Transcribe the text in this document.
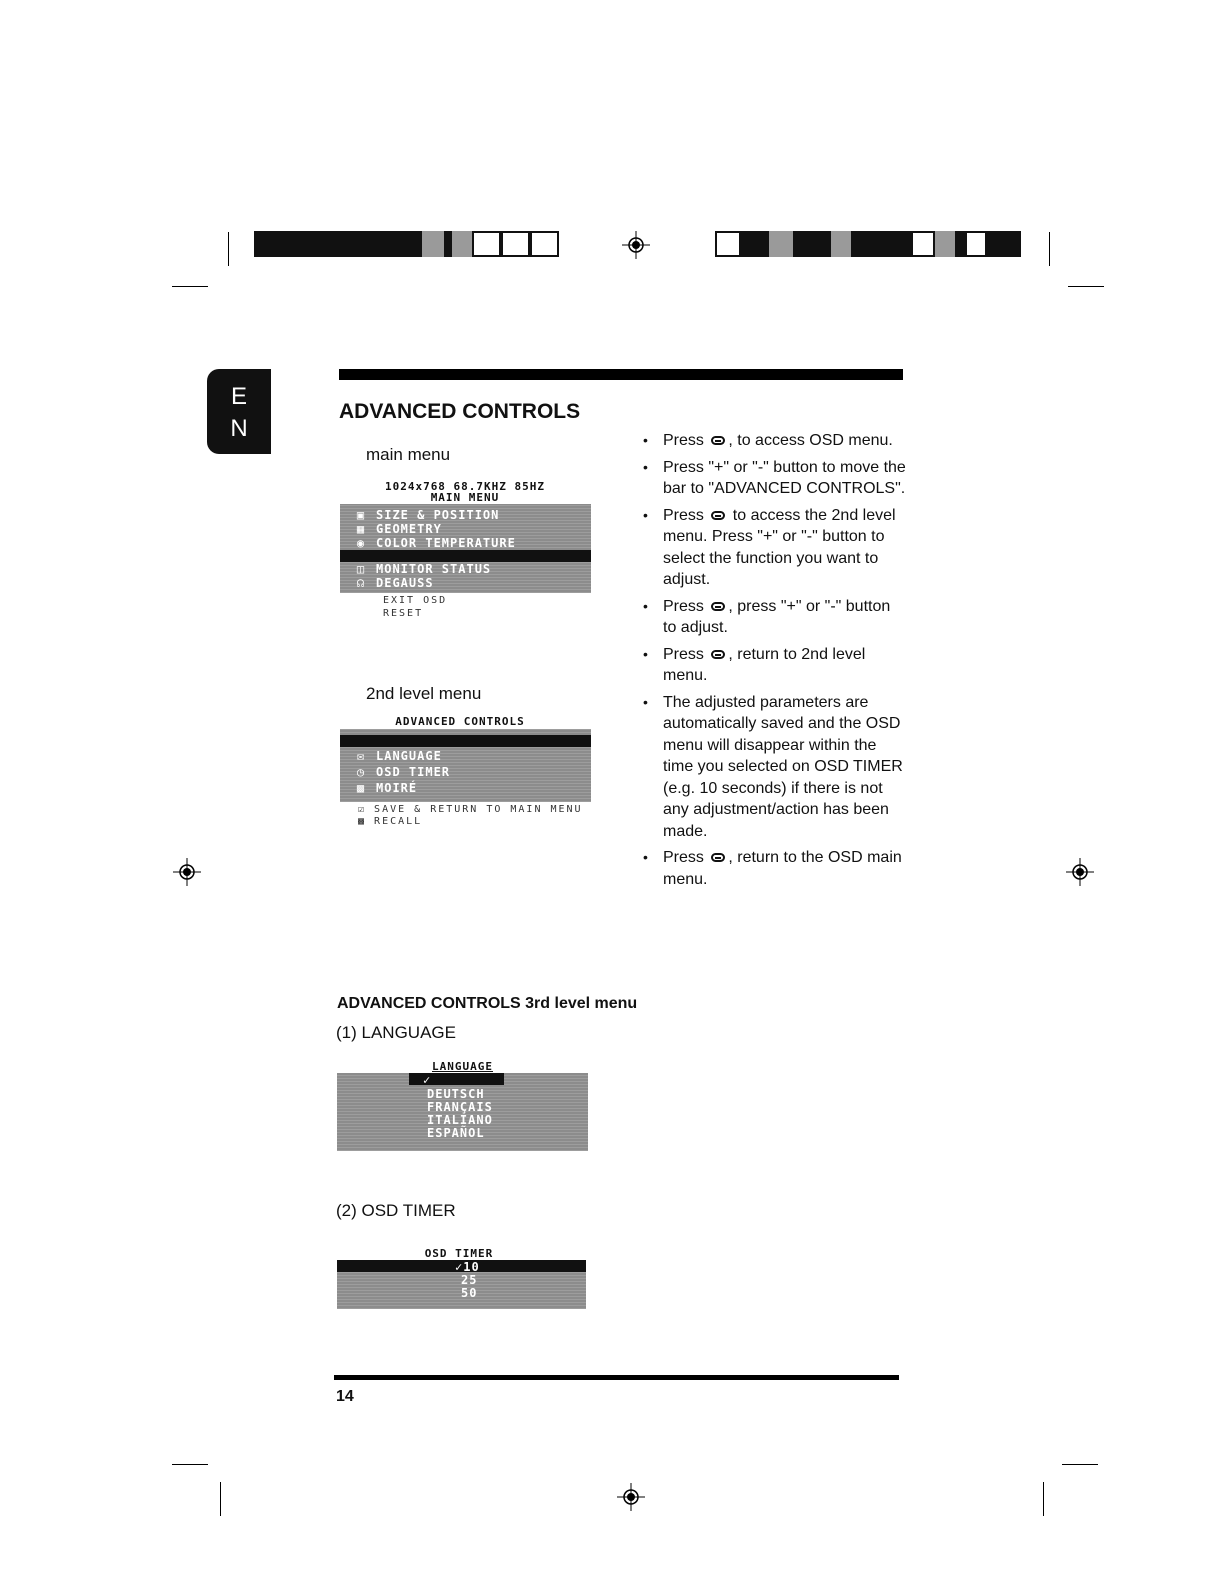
E
N
ADVANCED CONTROLS
main menu
1024x768 68.7KHZ 85HZ
MAIN MENU
▣ SIZE & POSITION
▦ GEOMETRY
◉ COLOR TEMPERATURE
◫ MONITOR STATUS
☊ DEGAUSS
EXIT OSD
RESET
2nd level menu
ADVANCED CONTROLS
✉ LANGUAGE
◷ OSD TIMER
▩ MOIRÉ
☑ SAVE & RETURN TO MAIN MENU
▩ RECALL
• Press , to access OSD menu.
• Press "+" or "-" button to move the bar to "ADVANCED CONTROLS".
• Press  to access the 2nd level menu. Press "+" or "-" button to select the function you want to adjust.
• Press , press "+" or "-" button to adjust.
• Press , return to 2nd level menu.
• The adjusted parameters are automatically saved and the OSD menu will disappear within the time you selected on OSD TIMER (e.g. 10 seconds) if there is not any adjustment/action has been made.
• Press , return to the OSD main menu.
ADVANCED CONTROLS 3rd level menu
(1) LANGUAGE
LANGUAGE
✓
DEUTSCH
FRANÇAIS
ITALIANO
ESPAÑOL
(2) OSD TIMER
OSD TIMER
✓10
25
50
14
